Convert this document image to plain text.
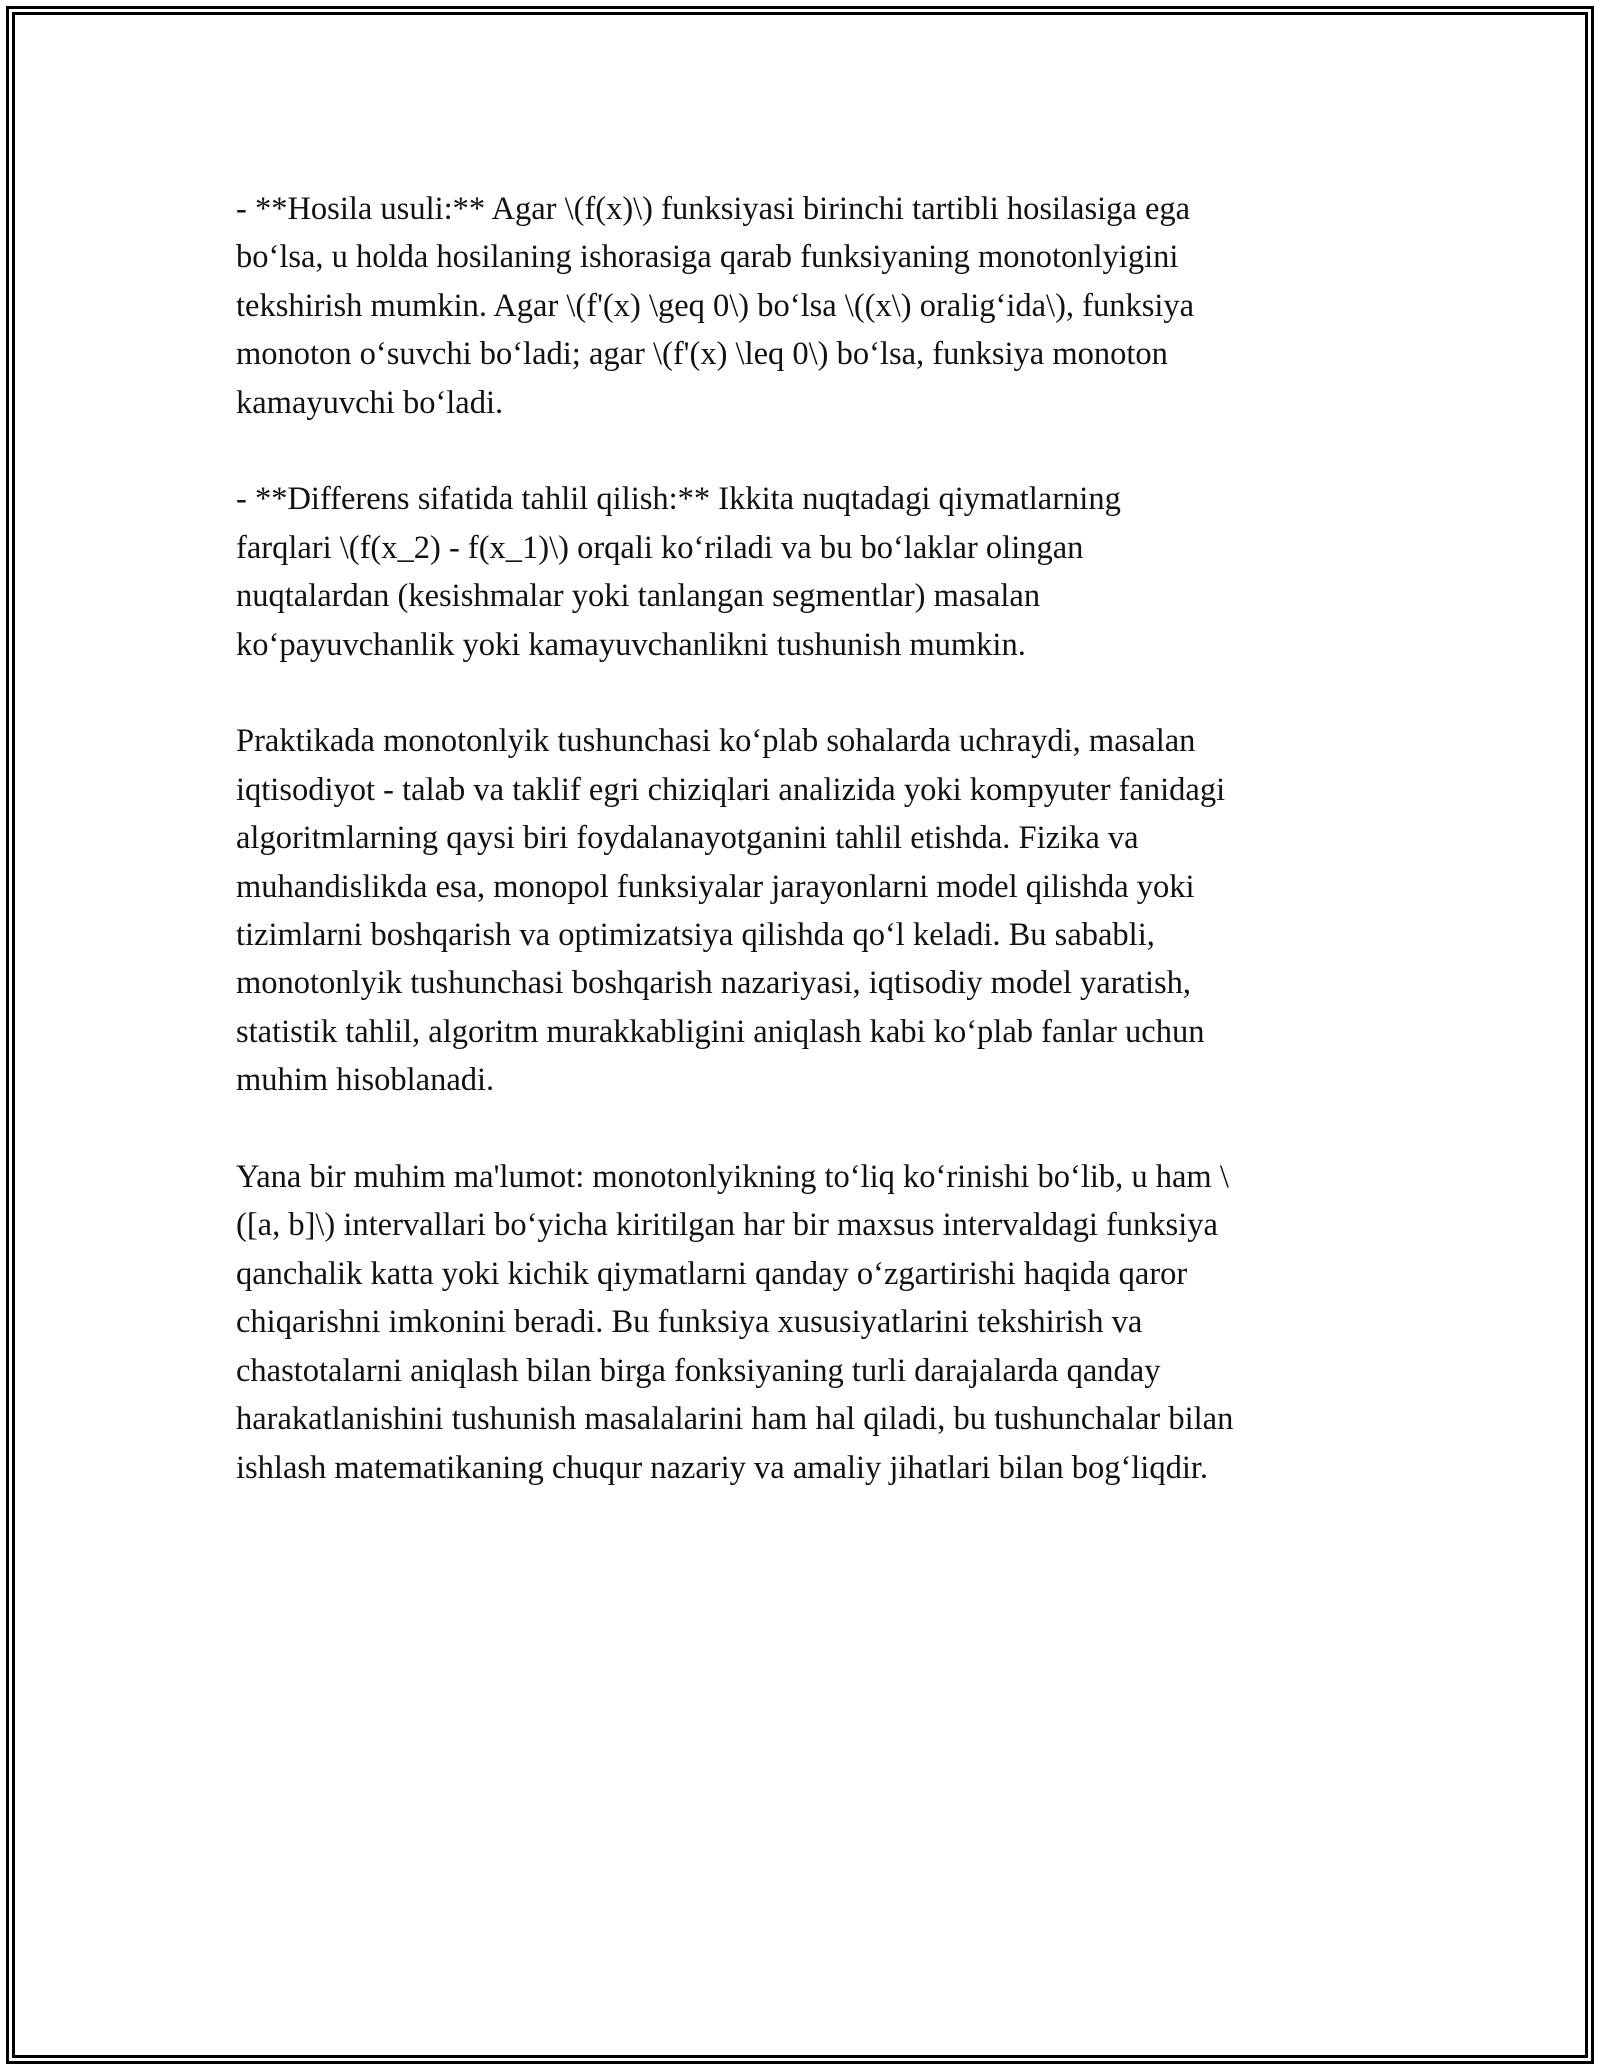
- **Hosila usuli:** Agar \(f(x)\) funksiyasi birinchi tartibli hosilasiga ega
bo‘lsa, u holda hosilaning ishorasiga qarab funksiyaning monotonlyigini
tekshirish mumkin. Agar \(f'(x) \geq 0\) bo‘lsa \((x\) oralig‘ida\), funksiya
monoton o‘suvchi bo‘ladi; agar \(f'(x) \leq 0\) bo‘lsa, funksiya monoton
kamayuvchi bo‘ladi.
- **Differens sifatida tahlil qilish:** Ikkita nuqtadagi qiymatlarning
farqlari \(f(x_2) - f(x_1)\) orqali ko‘riladi va bu bo‘laklar olingan
nuqtalardan (kesishmalar yoki tanlangan segmentlar) masalan
ko‘payuvchanlik yoki kamayuvchanlikni tushunish mumkin.
Praktikada monotonlyik tushunchasi ko‘plab sohalarda uchraydi, masalan
iqtisodiyot - talab va taklif egri chiziqlari analizida yoki kompyuter fanidagi
algoritmlarning qaysi biri foydalanayotganini tahlil etishda. Fizika va
muhandislikda esa, monopol funksiyalar jarayonlarni model qilishda yoki
tizimlarni boshqarish va optimizatsiya qilishda qo‘l keladi. Bu sababli,
monotonlyik tushunchasi boshqarish nazariyasi, iqtisodiy model yaratish,
statistik tahlil, algoritm murakkabligini aniqlash kabi ko‘plab fanlar uchun
muhim hisoblanadi.
Yana bir muhim ma'lumot: monotonlyikning to‘liq ko‘rinishi bo‘lib, u ham \
([a, b]\) intervallari bo‘yicha kiritilgan har bir maxsus intervaldagi funksiya
qanchalik katta yoki kichik qiymatlarni qanday o‘zgartirishi haqida qaror
chiqarishni imkonini beradi. Bu funksiya xususiyatlarini tekshirish va
chastotalarni aniqlash bilan birga fonksiyaning turli darajalarda qanday
harakatlanishini tushunish masalalarini ham hal qiladi, bu tushunchalar bilan
ishlash matematikaning chuqur nazariy va amaliy jihatlari bilan bog‘liqdir.
